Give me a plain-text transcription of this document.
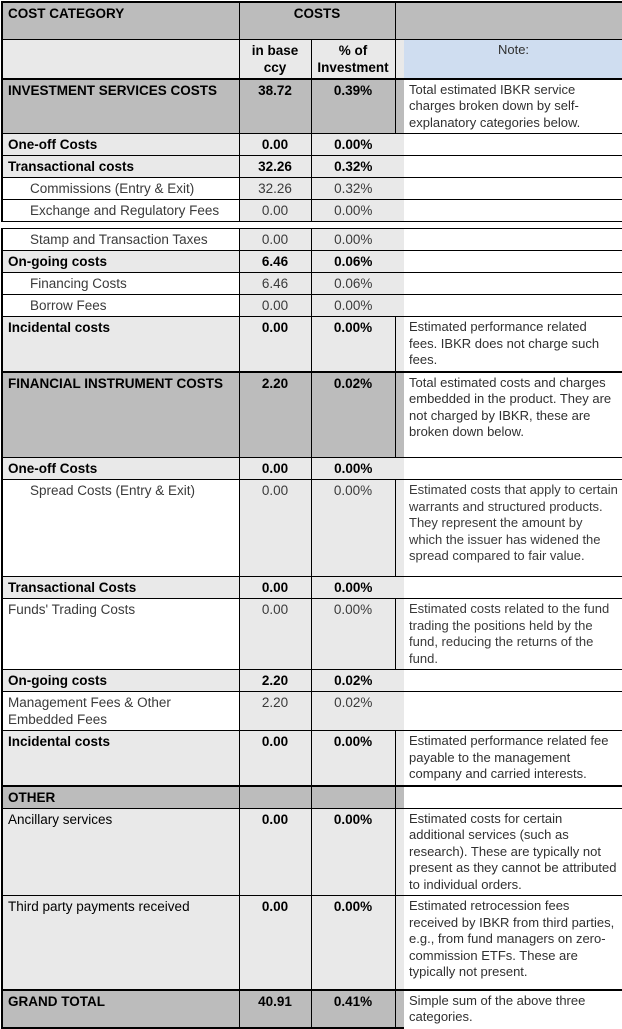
COST CATEGORY	COSTS			
	in base ccy	% of Investment		Note:
INVESTMENT SERVICES COSTS	38.72	0.39%		Total estimated IBKR service charges broken down by self-explanatory categories below.
One-off Costs	0.00	0.00%		
Transactional costs	32.26	0.32%		
Commissions (Entry & Exit)	32.26	0.32%		
Exchange and Regulatory Fees	0.00	0.00%		

Stamp and Transaction Taxes	0.00	0.00%		
On-going costs	6.46	0.06%		
Financing Costs	6.46	0.06%		
Borrow Fees	0.00	0.00%		
Incidental costs	0.00	0.00%		Estimated performance related fees. IBKR does not charge such fees.
FINANCIAL INSTRUMENT COSTS	2.20	0.02%		Total estimated costs and charges embedded in the product. They are not charged by IBKR, these are broken down below.
One-off Costs	0.00	0.00%		
Spread Costs (Entry & Exit)	0.00	0.00%		Estimated costs that apply to certain warrants and structured products. They represent the amount by which the issuer has widened the spread compared to fair value.
Transactional Costs	0.00	0.00%		
Funds' Trading Costs	0.00	0.00%		Estimated costs related to the fund trading the positions held by the fund, reducing the returns of the fund.
On-going costs	2.20	0.02%		
Management Fees & Other Embedded Fees	2.20	0.02%		
Incidental costs	0.00	0.00%		Estimated performance related fee payable to the management company and carried interests.
OTHER				
Ancillary services	0.00	0.00%		Estimated costs for certain additional services (such as research). These are typically not present as they cannot be attributed to individual orders.
Third party payments received	0.00	0.00%		Estimated retrocession fees received by IBKR from third parties, e.g., from fund managers on zero-commission ETFs. These are typically not present.
GRAND TOTAL	40.91	0.41%		Simple sum of the above three categories.
